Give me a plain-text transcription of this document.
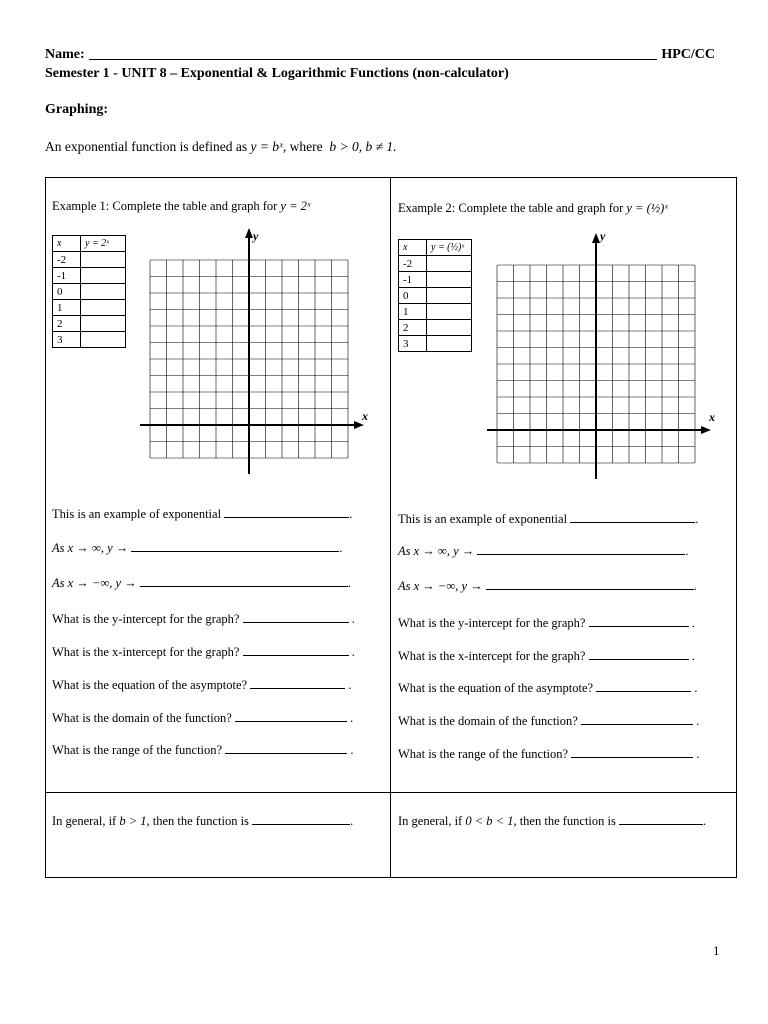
Name:	HPC/CC
Semester 1 - UNIT 8 – Exponential & Logarithmic Functions (non-calculator)
Graphing:
An exponential function is defined as y = bˣ, where b > 0, b ≠ 1.
Example 1: Complete the table and graph for y = 2ˣ
x	y = 2ˣ
-2	
-1	
0	
1	
2	
3	
y
x
This is an example of exponential	.
As x → ∞, y →	.
As x → −∞, y →	.
What is the y-intercept for the graph?	.
What is the x-intercept for the graph?	.
What is the equation of the asymptote?	.
What is the domain of the function?	.
What is the range of the function?	.
In general, if b > 1, then the function is	.
Example 2: Complete the table and graph for y = (½)ˣ
x	y = (½)ˣ
-2	
-1	
0	
1	
2	
3	
y
x
This is an example of exponential	.
As x → ∞, y →	.
As x → −∞, y →	.
What is the y-intercept for the graph?	.
What is the x-intercept for the graph?	.
What is the equation of the asymptote?	.
What is the domain of the function?	.
What is the range of the function?	.
In general, if 0 < b < 1, then the function is	.
1
